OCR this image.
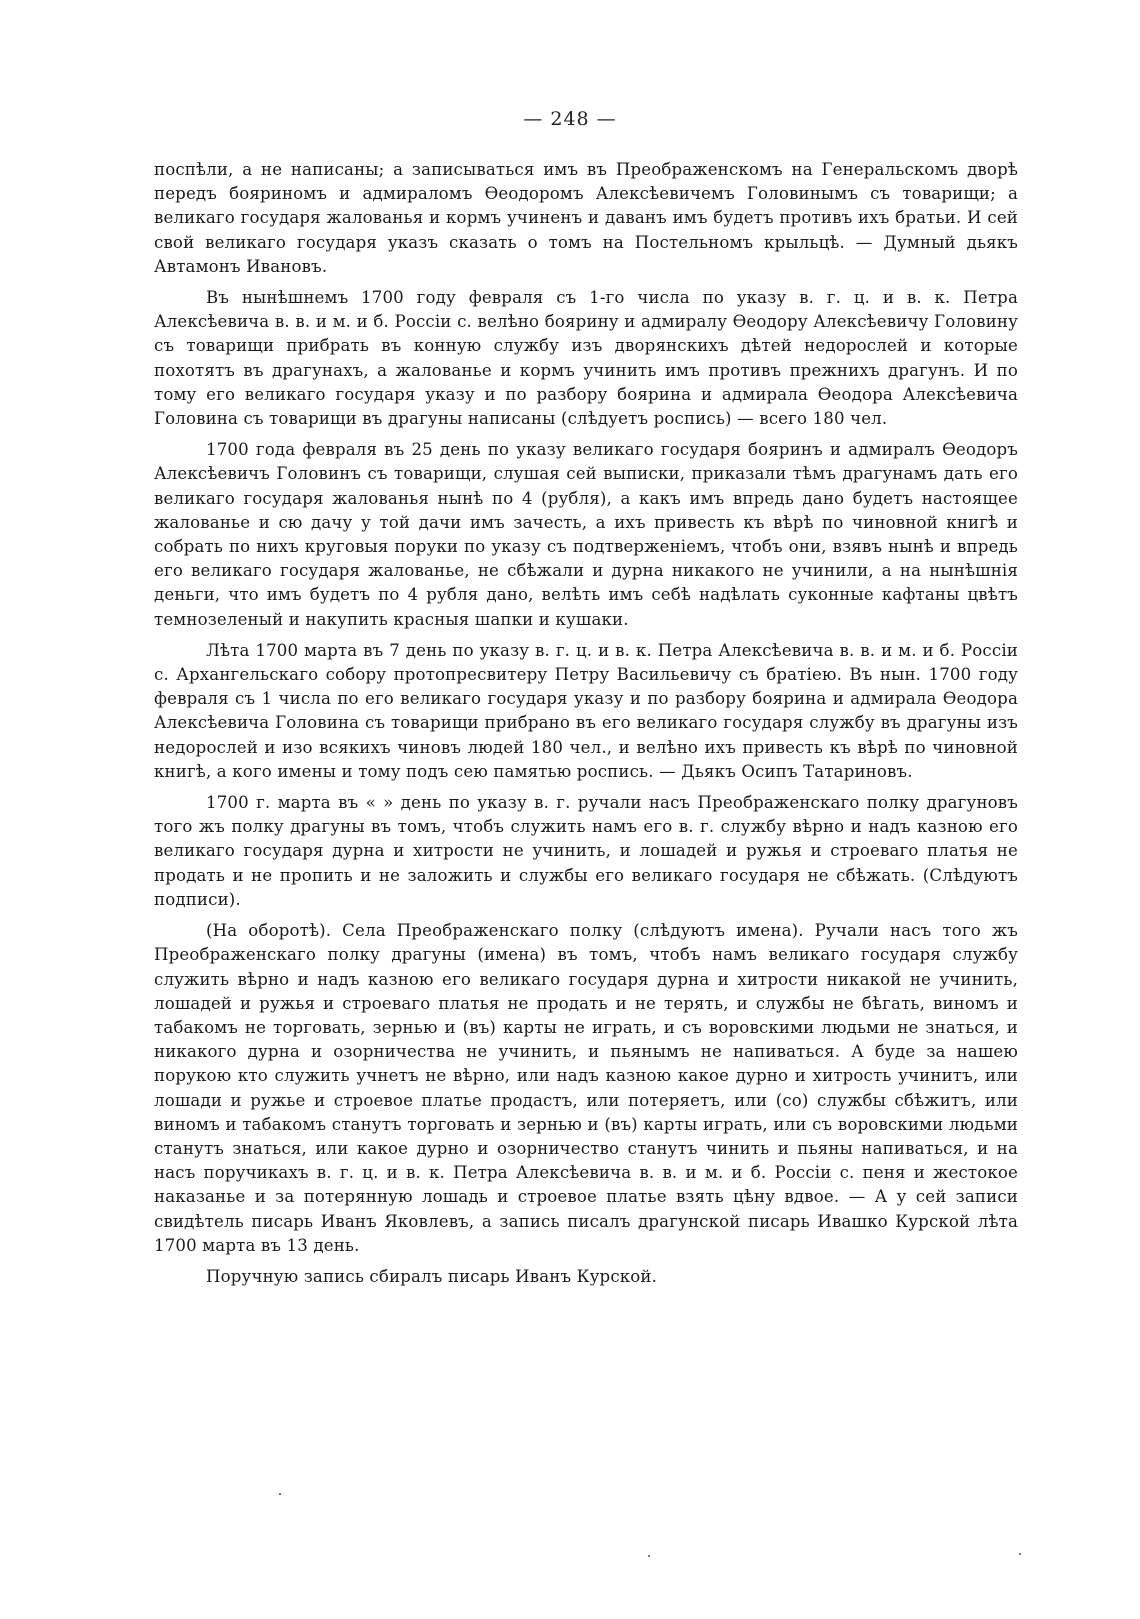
— 248 —

поспѣли, а не написаны; а записываться имъ въ Преображенскомъ на Генеральскомъ дворѣ передъ бояриномъ и адмираломъ Өеодоромъ Алексѣевичемъ Головинымъ съ товарищи; а великаго государя жалованья и кормъ учиненъ и даванъ имъ будетъ противъ ихъ братьи. И сей свой великаго государя указъ сказать о томъ на Постельномъ крыльцѣ. — Думный дьякъ Автамонъ Ивановъ.

Въ нынѣшнемъ 1700 году февраля съ 1-го числа по указу в. г. ц. и в. к. Петра Алексѣевича в. в. и м. и б. Россіи с. велѣно боярину и адмиралу Өеодору Алексѣевичу Головину съ товарищи прибрать въ конную службу изъ дворянскихъ дѣтей недорослей и которые похотятъ въ драгунахъ, а жалованье и кормъ учинить имъ противъ прежнихъ драгунъ. И по тому его великаго государя указу и по разбору боярина и адмирала Өеодора Алексѣевича Головина съ товарищи въ драгуны написаны (слѣдуетъ роспись) — всего 180 чел.

1700 года февраля въ 25 день по указу великаго государя бояринъ и адмиралъ Өеодоръ Алексѣевичъ Головинъ съ товарищи, слушая сей выписки, приказали тѣмъ драгунамъ дать его великаго государя жалованья нынѣ по 4 (рубля), а какъ имъ впредь дано будетъ настоящее жалованье и сю дачу у той дачи имъ зачесть, а ихъ привесть къ вѣрѣ по чиновной книгѣ и собрать по нихъ круговыя поруки по указу съ подтверженіемъ, чтобъ они, взявъ нынѣ и впредь его великаго государя жалованье, не сбѣжали и дурна никакого не учинили, а на нынѣшнія деньги, что имъ будетъ по 4 рубля дано, велѣть имъ себѣ надѣлать суконные кафтаны цвѣтъ темнозеленый и накупить красныя шапки и кушаки.

Лѣта 1700 марта въ 7 день по указу в. г. ц. и в. к. Петра Алексѣевича в. в. и м. и б. Россіи с. Архангельскаго собору протопресвитеру Петру Васильевичу съ братіею. Въ нын. 1700 году февраля съ 1 числа по его великаго государя указу и по разбору боярина и адмирала Өеодора Алексѣевича Головина съ товарищи прибрано въ его великаго государя службу въ драгуны изъ недорослей и изо всякихъ чиновъ людей 180 чел., и велѣно ихъ привесть къ вѣрѣ по чиновной книгѣ, а кого имены и тому подъ сею памятью роспись. — Дьякъ Осипъ Татариновъ.

1700 г. марта въ « » день по указу в. г. ручали насъ Преображенскаго полку драгуновъ того жъ полку драгуны въ томъ, чтобъ служить намъ его в. г. службу вѣрно и надъ казною его великаго государя дурна и хитрости не учинить, и лошадей и ружья и строеваго платья не продать и не пропить и не заложить и службы его великаго государя не сбѣжать. (Слѣдуютъ подписи).

(На оборотѣ). Села Преображенскаго полку (слѣдуютъ имена). Ручали насъ того жъ Преображенскаго полку драгуны (имена) въ томъ, чтобъ намъ великаго государя службу служить вѣрно и надъ казною его великаго государя дурна и хитрости никакой не учинить, лошадей и ружья и строеваго платья не продать и не терять, и службы не бѣгать, виномъ и табакомъ не торговать, зернью и (въ) карты не играть, и съ воровскими людьми не знаться, и никакого дурна и озорничества не учинить, и пьянымъ не напиваться. А буде за нашею порукою кто служить учнетъ не вѣрно, или надъ казною какое дурно и хитрость учинитъ, или лошади и ружье и строевое платье продастъ, или потеряетъ, или (со) службы сбѣжитъ, или виномъ и табакомъ станутъ торговать и зернью и (въ) карты играть, или съ воровскими людьми станутъ знаться, или какое дурно и озорничество станутъ чинить и пьяны напиваться, и на насъ поручикахъ в. г. ц. и в. к. Петра Алексѣевича в. в. и м. и б. Россіи с. пеня и жестокое наказанье и за потерянную лошадь и строевое платье взять цѣну вдвое. — А у сей записи свидѣтель писарь Иванъ Яковлевъ, а запись писалъ драгунской писарь Ивашко Курской лѣта 1700 марта въ 13 день.

Поручную запись сбиралъ писарь Иванъ Курской.
